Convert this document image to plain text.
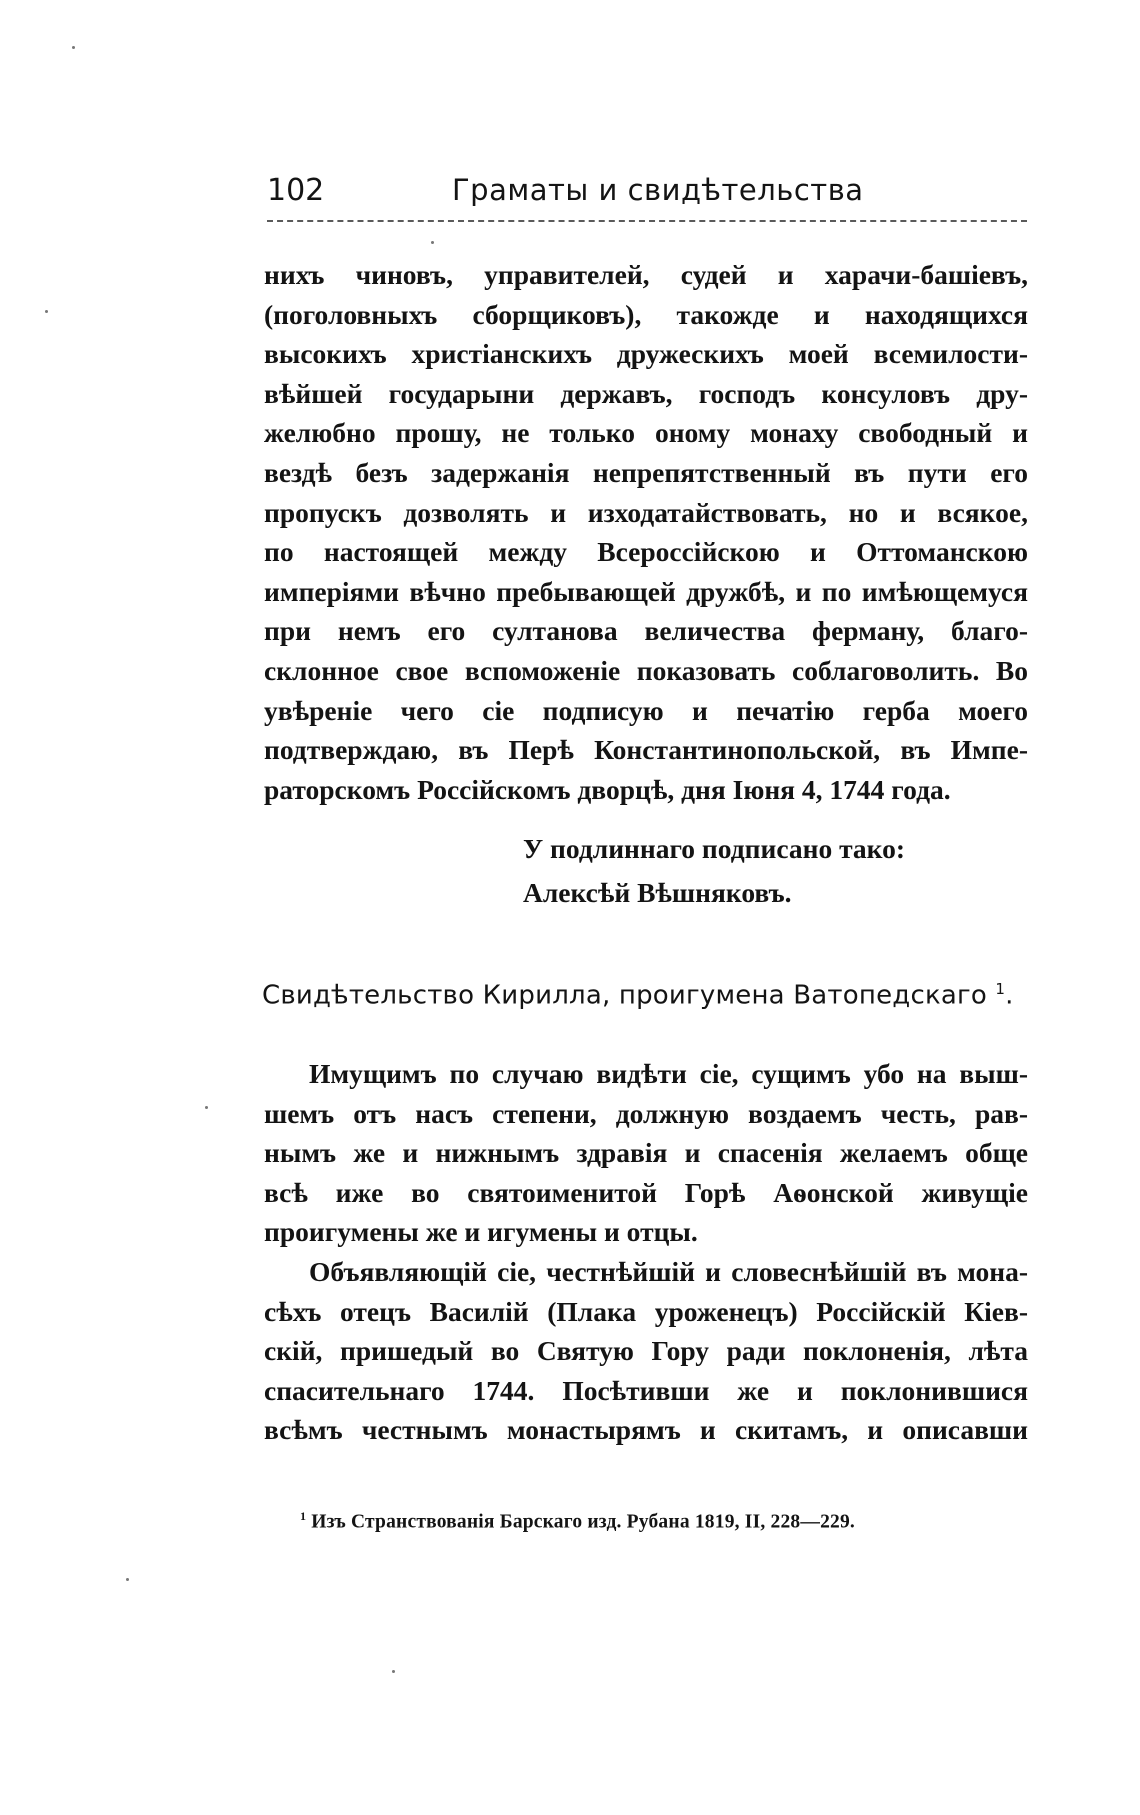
102	Граматы и свидѣтельства

нихъ чиновъ, управителей, судей и харачи-башіевъ,

(поголовныхъ сборщиковъ), такожде и находящихся

высокихъ христіанскихъ дружескихъ моей всемилости-

вѣйшей государыни державъ, господъ консуловъ дру-

желюбно прошу, не только оному монаху свободный и

вездѣ безъ задержанія непрепятственный въ пути его

пропускъ дозволять и изходатайствовать, но и всякое,

по настоящей между Всероссійскою и Оттоманскою

имперіями вѣчно пребывающей дружбѣ, и по имѣющемуся

при немъ его султанова величества ферману, благо-

склонное свое вспоможеніе показовать соблаговолить. Во

увѣреніе чего сіе подписую и печатію герба моего

подтверждаю, въ Перѣ Константинопольской, въ Импе-

раторскомъ Россійскомъ дворцѣ, дня Іюня 4, 1744 года.

У подлиннаго подписано тако:
Алексѣй Вѣшняковъ.
Свидѣтельство Кирилла, проигумена Ватопедскаго $^1$.
Имущимъ по случаю видѣти сіе, сущимъ убо на выш-
шемъ отъ насъ степени, должную воздаемъ честь, рав-
нымъ же и нижнымъ здравія и спасенія желаемъ обще
всѣ иже во святоименитой Горѣ Аѳонской живущіе
проигумены же и игумены и отцы.
Объявляющій сіе, честнѣйшій и словеснѣйшій въ мона-
сѣхъ отецъ Василій (Плака уроженецъ) Россійскій Кіев-
скій, пришедый во Святую Гору ради поклоненія, лѣта
спасительнаго 1744. Посѣтивши же и поклонившися
всѣмъ честнымъ монастырямъ и скитамъ, и описавши
$^1$ Изъ Странствованія Барскаго изд. Рубана 1819, II, 228—229.
